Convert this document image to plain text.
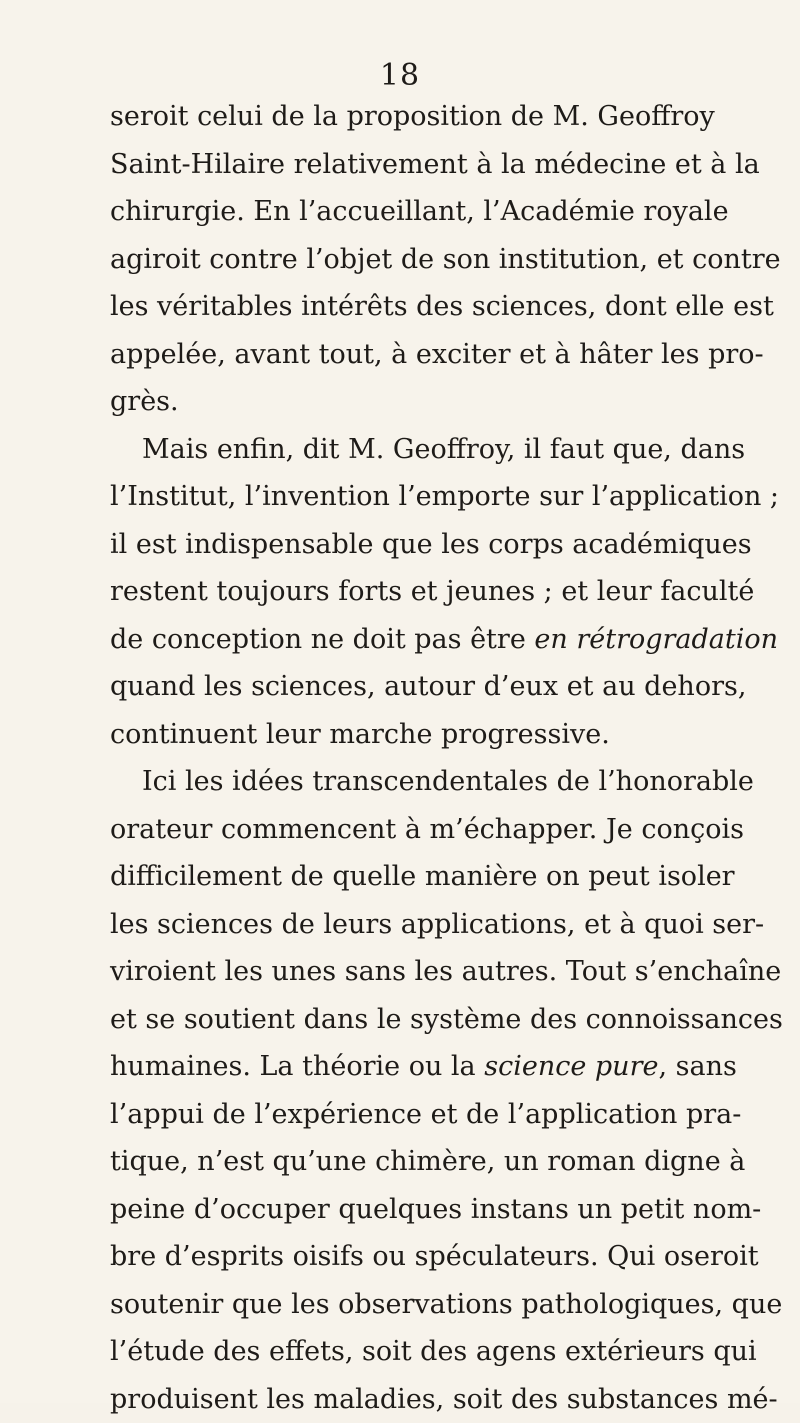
18
seroit celui de la proposition de M. Geoffroy
Saint-Hilaire relativement à la médecine et à la
chirurgie. En l’accueillant, l’Académie royale
agiroit contre l’objet de son institution, et contre
les véritables intérêts des sciences, dont elle est
appelée, avant tout, à exciter et à hâter les pro-
grès.
Mais enfin, dit M. Geoffroy, il faut que, dans
l’Institut, l’invention l’emporte sur l’application ;
il est indispensable que les corps académiques
restent toujours forts et jeunes ; et leur faculté
de conception ne doit pas être en rétrogradation
quand les sciences, autour d’eux et au dehors,
continuent leur marche progressive.
Ici les idées transcendentales de l’honorable
orateur commencent à m’échapper. Je conçois
difficilement de quelle manière on peut isoler
les sciences de leurs applications, et à quoi ser-
viroient les unes sans les autres. Tout s’enchaîne
et se soutient dans le système des connoissances
humaines. La théorie ou la science pure, sans
l’appui de l’expérience et de l’application pra-
tique, n’est qu’une chimère, un roman digne à
peine d’occuper quelques instans un petit nom-
bre d’esprits oisifs ou spéculateurs. Qui oseroit
soutenir que les observations pathologiques, que
l’étude des effets, soit des agens extérieurs qui
produisent les maladies, soit des substances mé-
